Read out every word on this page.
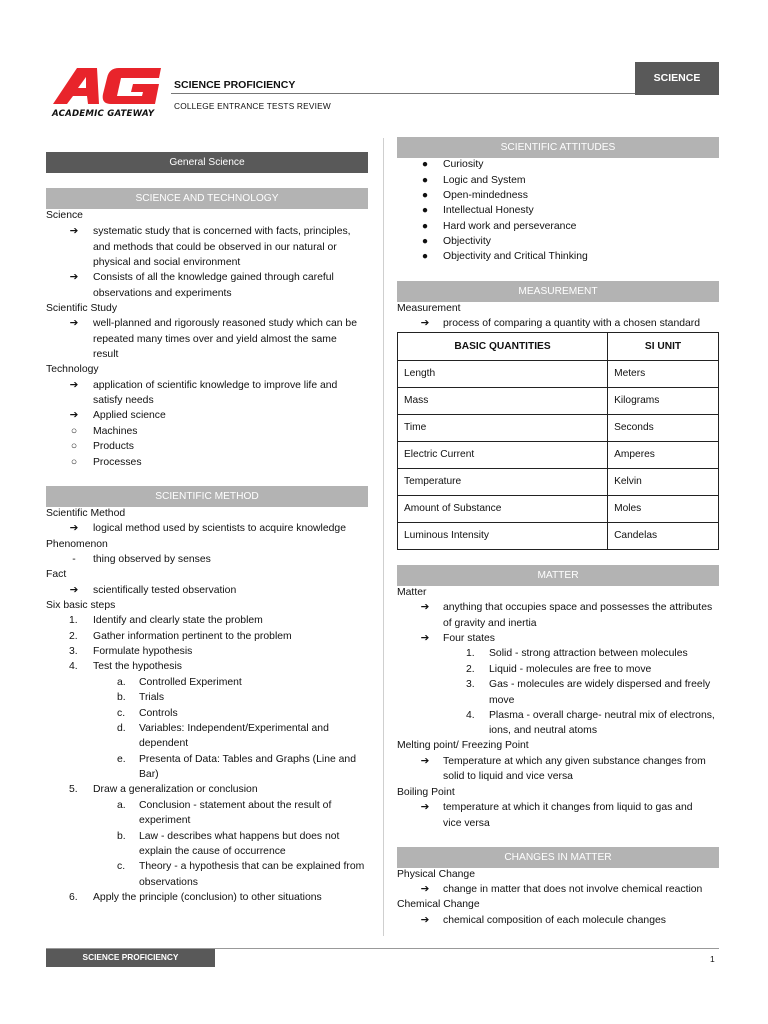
ACADEMIC GATEWAY
SCIENCE PROFICIENCY
COLLEGE ENTRANCE TESTS REVIEW
SCIENCE
General Science
SCIENCE AND TECHNOLOGY
Science
➔	systematic study that is concerned with facts, principles,
and methods that could be observed in our natural or
physical and social environment
➔	Consists of all the knowledge gained through careful
observations and experiments
Scientific Study
➔	well-planned and rigorously reasoned study which can be
repeated many times over and yield almost the same
result
Technology
➔	application of scientific knowledge to improve life and
satisfy needs
➔	Applied science
○	Machines
○	Products
○	Processes
SCIENTIFIC METHOD
Scientific Method
➔	logical method used by scientists to acquire knowledge
Phenomenon
-	thing observed by senses
Fact
➔	scientifically tested observation
Six basic steps
1. Identify and clearly state the problem
2. Gather information pertinent to the problem
3. Formulate hypothesis
4. Test the hypothesis
a. Controlled Experiment
b. Trials
c. Controls
d. Variables: Independent/Experimental and
dependent
e. Presenta of Data: Tables and Graphs (Line and
Bar)
5. Draw a generalization or conclusion
a. Conclusion - statement about the result of
experiment
b. Law - describes what happens but does not
explain the cause of occurrence
c. Theory - a hypothesis that can be explained from
observations
6. Apply the principle (conclusion) to other situations
SCIENTIFIC ATTITUDES
●	Curiosity
●	Logic and System
●	Open-mindedness
●	Intellectual Honesty
●	Hard work and perseverance
●	Objectivity
●	Objectivity and Critical Thinking
MEASUREMENT
Measurement
➔	process of comparing a quantity with a chosen standard
BASIC QUANTITIES	SI UNIT
Length	Meters
Mass	Kilograms
Time	Seconds
Electric Current	Amperes
Temperature	Kelvin
Amount of Substance	Moles
Luminous Intensity	Candelas
MATTER
Matter
➔	anything that occupies space and possesses the attributes
of gravity and inertia
➔	Four states
1. Solid - strong attraction between molecules
2. Liquid - molecules are free to move
3. Gas - molecules are widely dispersed and freely
move
4. Plasma - overall charge- neutral mix of electrons,
ions, and neutral atoms
Melting point/ Freezing Point
➔	Temperature at which any given substance changes from
solid to liquid and vice versa
Boiling Point
➔	temperature at which it changes from liquid to gas and
vice versa
CHANGES IN MATTER
Physical Change
➔	change in matter that does not involve chemical reaction
Chemical Change
➔	chemical composition of each molecule changes
SCIENCE PROFICIENCY	1
